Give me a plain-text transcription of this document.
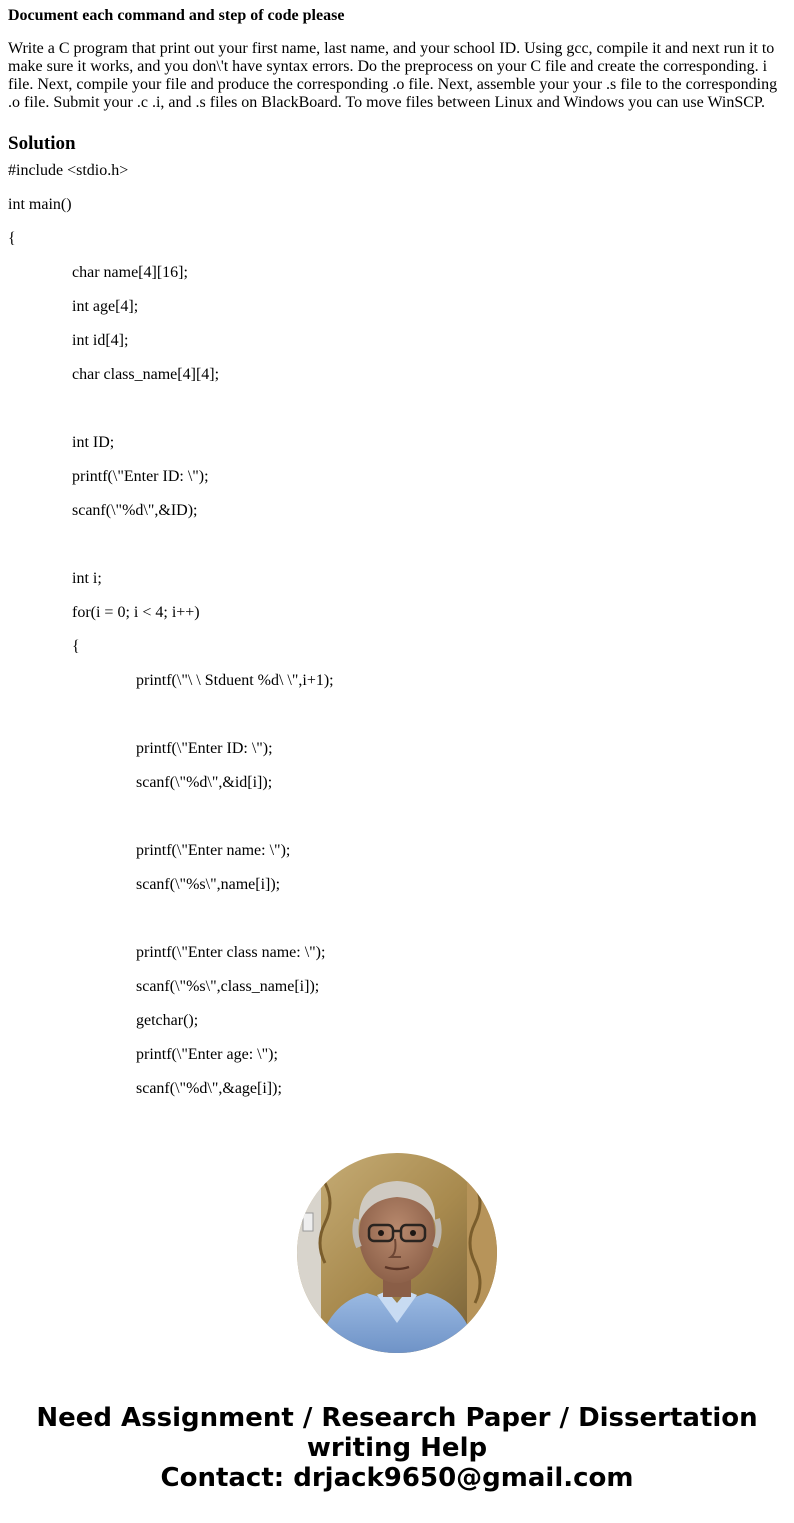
Document each command and step of code please
Write a C program that print out your first name, last name, and your school ID. Using gcc, compile it and next run it to make sure it works, and you don\'t have syntax errors. Do the preprocess on your C file and create the corresponding. i file. Next, compile your file and produce the corresponding .o file. Next, assemble your your .s file to the corresponding .o file. Submit your .c .i, and .s files on BlackBoard. To move files between Linux and Windows you can use WinSCP.
Solution
#include <stdio.h>
int main()
{
char name[4][16];
int age[4];
int id[4];
char class_name[4][4];
int ID;
printf(\"Enter ID: \");
scanf(\"%d\",&ID);
int i;
for(i = 0; i < 4; i++)
{
printf(\"\ \ Stduent %d\ \",i+1);
printf(\"Enter ID: \");
scanf(\"%d\",&id[i]);
printf(\"Enter name: \");
scanf(\"%s\",name[i]);
printf(\"Enter class name: \");
scanf(\"%s\",class_name[i]);
getchar();
printf(\"Enter age: \");
scanf(\"%d\",&age[i]);
Need Assignment / Research Paper / Dissertation
writing Help
Contact: drjack9650@gmail.com
